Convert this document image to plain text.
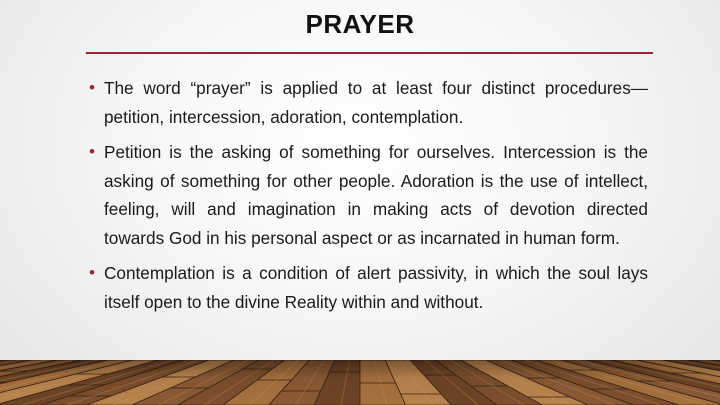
PRAYER
• The word “prayer” is applied to at least four distinct procedures—petition, intercession, adoration, contemplation.
• Petition is the asking of something for ourselves. Intercession is the asking of something for other people. Adoration is the use of intellect, feeling, will and imagination in making acts of devotion directed towards God in his personal aspect or as incarnated in human form.
• Contemplation is a condition of alert passivity, in which the soul lays itself open to the divine Reality within and without.
